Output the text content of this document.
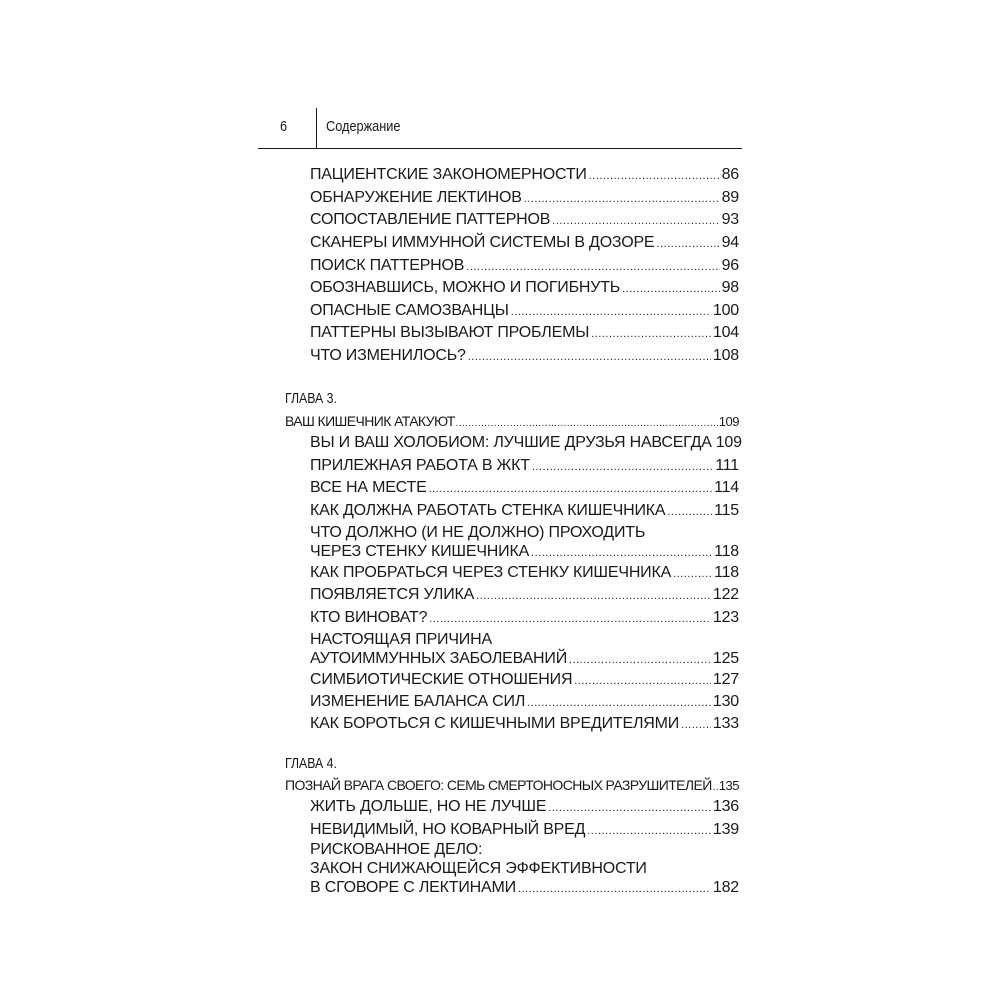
6	Содержание
ПАЦИЕНТСКИЕ ЗАКОНОМЕРНОСТИ .....	86
ОБНАРУЖЕНИЕ ЛЕКТИНОВ .....	89
СОПОСТАВЛЕНИЕ ПАТТЕРНОВ .....	93
СКАНЕРЫ ИММУННОЙ СИСТЕМЫ В ДОЗОРЕ .....	94
ПОИСК ПАТТЕРНОВ .....	96
ОБОЗНАВШИСЬ, МОЖНО И ПОГИБНУТЬ .....	98
ОПАСНЫЕ САМОЗВАНЦЫ .....	100
ПАТТЕРНЫ ВЫЗЫВАЮТ ПРОБЛЕМЫ .....	104
ЧТО ИЗМЕНИЛОСЬ? .....	108
ГЛАВА 3.
ВАШ КИШЕЧНИК АТАКУЮТ .....	109
ВЫ И ВАШ ХОЛОБИОМ: ЛУЧШИЕ ДРУЗЬЯ НАВСЕГДА 109
ПРИЛЕЖНАЯ РАБОТА В ЖКТ .....	111
ВСЕ НА МЕСТЕ .....	114
КАК ДОЛЖНА РАБОТАТЬ СТЕНКА КИШЕЧНИКА .....	115
ЧТО ДОЛЖНО (И НЕ ДОЛЖНО) ПРОХОДИТЬ
ЧЕРЕЗ СТЕНКУ КИШЕЧНИКА .....	118
КАК ПРОБРАТЬСЯ ЧЕРЕЗ СТЕНКУ КИШЕЧНИКА .....	118
ПОЯВЛЯЕТСЯ УЛИКА .....	122
КТО ВИНОВАТ? .....	123
НАСТОЯЩАЯ ПРИЧИНА
АУТОИММУННЫХ ЗАБОЛЕВАНИЙ .....	125
СИМБИОТИЧЕСКИЕ ОТНОШЕНИЯ .....	127
ИЗМЕНЕНИЕ БАЛАНСА СИЛ .....	130
КАК БОРОТЬСЯ С КИШЕЧНЫМИ ВРЕДИТЕЛЯМИ ..... 133
ГЛАВА 4.
ПОЗНАЙ ВРАГА СВОЕГО: СЕМЬ СМЕРТОНОСНЫХ РАЗРУШИТЕЛЕЙ ..... 135
ЖИТЬ ДОЛЬШЕ, НО НЕ ЛУЧШЕ .....	136
НЕВИДИМЫЙ, НО КОВАРНЫЙ ВРЕД .....	139
РИСКОВАННОЕ ДЕЛО:
ЗАКОН СНИЖАЮЩЕЙСЯ ЭФФЕКТИВНОСТИ
В СГОВОРЕ С ЛЕКТИНАМИ .....	182
